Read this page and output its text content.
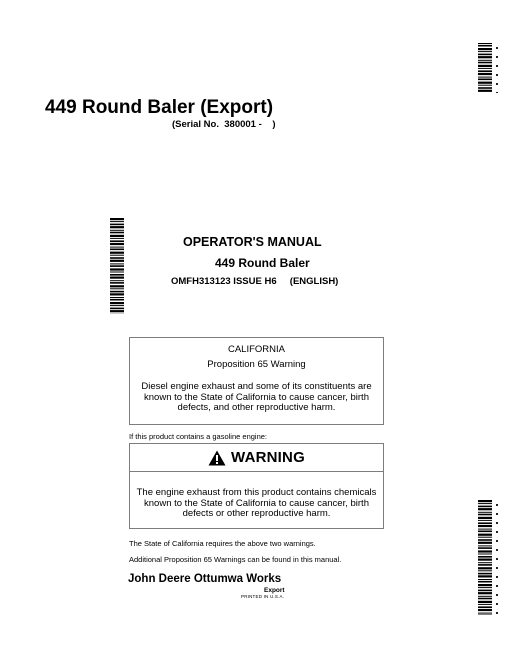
449 Round Baler (Export)
(Serial No.  380001 -    )
OPERATOR'S MANUAL
449 Round Baler
OMFH313123 ISSUE H6     (ENGLISH)
CALIFORNIA
Proposition 65 Warning
Diesel engine exhaust and some of its constituents are known to the State of California to cause cancer, birth defects, and other reproductive harm.
If this product contains a gasoline engine:
WARNING
The engine exhaust from this product contains chemicals known to the State of California to cause cancer, birth defects or other reproductive harm.
The State of California requires the above two warnings.
Additional Proposition 65 Warnings can be found in this manual.
John Deere Ottumwa Works
Export
PRINTED IN U.S.A.
